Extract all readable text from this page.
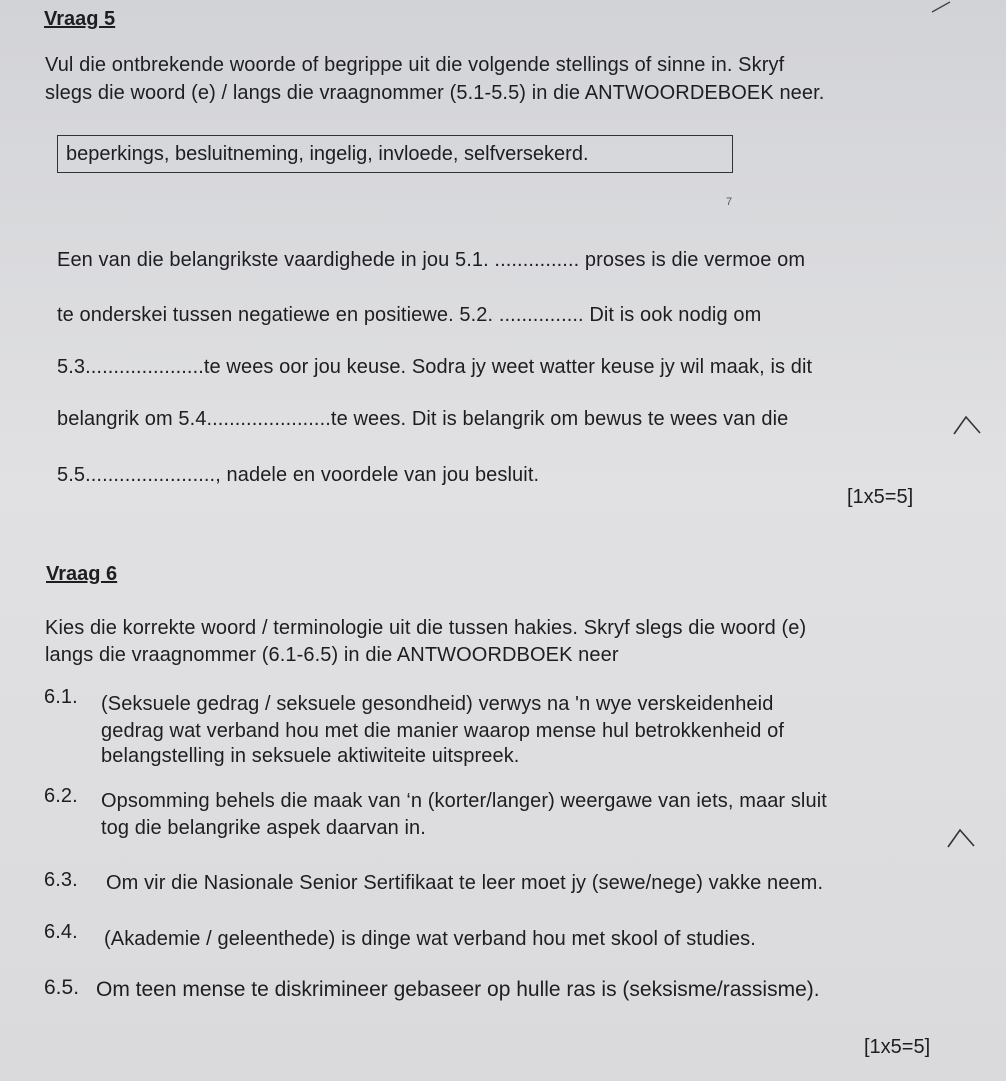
Vraag 5
Vul die ontbrekende woorde of begrippe uit die volgende stellings of sinne in. Skryf
slegs die woord (e) / langs die vraagnommer (5.1-5.5) in die ANTWOORDEBOEK neer.
beperkings, besluitneming, ingelig, invloede, selfversekerd.
7
Een van die belangrikste vaardighede in jou 5.1. ............... proses is die vermoe om
te onderskei tussen negatiewe en positiewe. 5.2. ............... Dit is ook nodig om
5.3.....................te wees oor jou keuse. Sodra jy weet watter keuse jy wil maak, is dit
belangrik om 5.4......................te wees. Dit is belangrik om bewus te wees van die
5.5......................., nadele en voordele van jou besluit.
[1x5=5]
Vraag 6
Kies die korrekte woord / terminologie uit die tussen hakies. Skryf slegs die woord (e)
langs die vraagnommer (6.1-6.5) in die ANTWOORDBOEK neer
6.1. (Seksuele gedrag / seksuele gesondheid) verwys na 'n wye verskeidenheid
gedrag wat verband hou met die manier waarop mense hul betrokkenheid of
belangstelling in seksuele aktiwiteite uitspreek.
6.2. Opsomming behels die maak van ‘n (korter/langer) weergawe van iets, maar sluit
tog die belangrike aspek daarvan in.
6.3. Om vir die Nasionale Senior Sertifikaat te leer moet jy (sewe/nege) vakke neem.
6.4. (Akademie / geleenthede) is dinge wat verband hou met skool of studies.
6.5. Om teen mense te diskrimineer gebaseer op hulle ras is (seksisme/rassisme).
[1x5=5]
